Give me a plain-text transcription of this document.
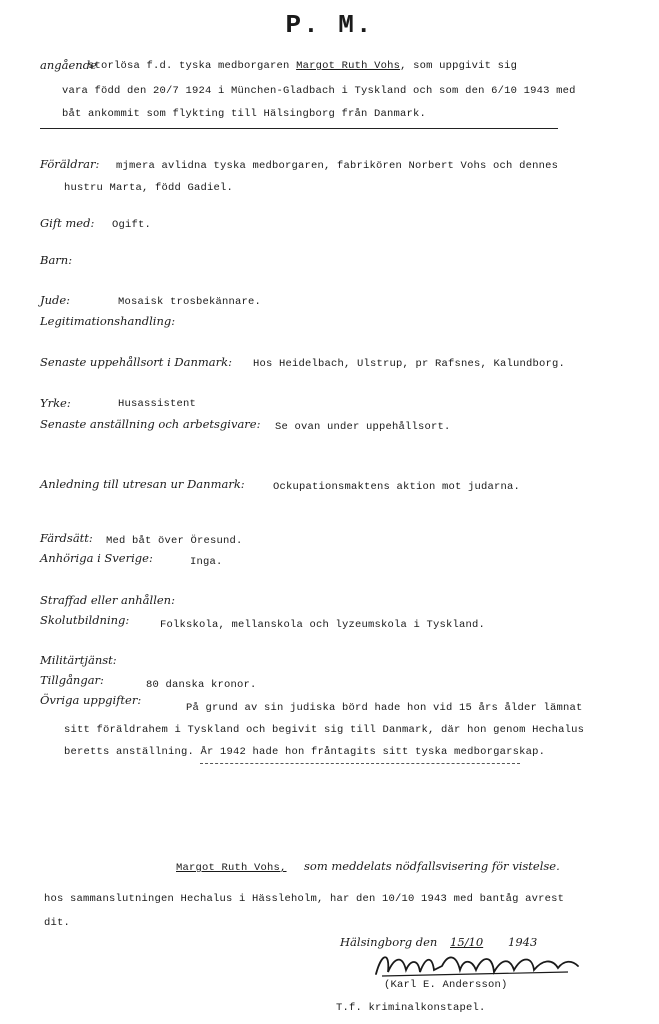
P. M.
angående
storlösa f.d. tyska medborgaren Margot Ruth Vohs, som uppgivit sig
vara född den 20/7 1924 i München-Gladbach i Tyskland och som den 6/10 1943 med
båt ankommit som flykting till Hälsingborg från Danmark.
Föräldrar: mjmera avlidna tyska medborgaren, fabrikören Norbert Vohs och dennes
hustru Marta, född Gadiel.
Gift med: Ogift.
Barn:
Jude:	Mosaisk trosbekännare.
Legitimationshandling:
Senaste uppehållsort i Danmark: Hos Heidelbach, Ulstrup, pr Rafsnes, Kalundborg.
Yrke:	Husassistent
Senaste anställning och arbetsgivare: Se ovan under uppehållsort.
Anledning till utresan ur Danmark:	Ockupationsmaktens aktion mot judarna.
Färdsätt: Med båt över Öresund.
Anhöriga i Sverige:	Inga.
Straffad eller anhållen:
Skolutbildning:	Folkskola, mellanskola och lyzeumskola i Tyskland.
Militärtjänst:
Tillgångar:	80 danska kronor.
Övriga uppgifter:
På grund av sin judiska börd hade hon vid 15 års ålder lämnat
sitt föräldrahem i Tyskland och begivit sig till Danmark, där hon genom Hechalus
beretts anställning. År 1942 hade hon fråntagits sitt tyska medborgarskap.
Margot Ruth Vohs, som meddelats nödfallsvisering för vistelse.
hos sammanslutningen Hechalus i Hässleholm, har den 10/10 1943 med bantåg avrest
dit.
Hälsingborg den 15/10 1943
(Karl E. Andersson)
T.f. kriminalkonstapel.
